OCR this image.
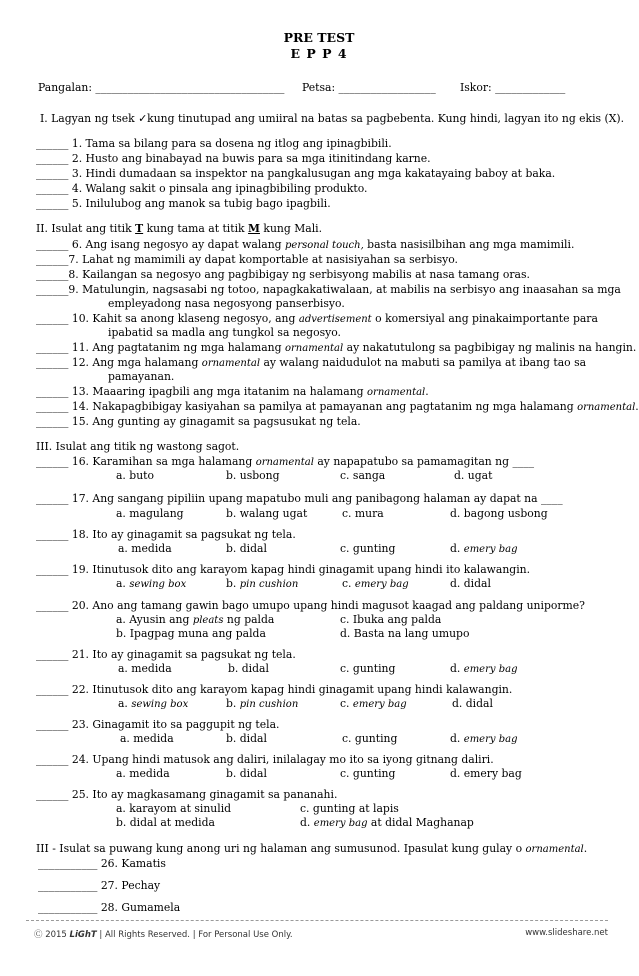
PRE TEST
E P P 4
Pangalan: ___________________________________ Petsa: __________________ Iskor: _____________
I. Lagyan ng tsek ✓kung tinutupad ang umiiral na batas sa pagbebenta. Kung hindi, lagyan ito ng ekis (X).
______ 1. Tama sa bilang para sa dosena ng itlog ang ipinagbibili.
______ 2. Husto ang binabayad na buwis para sa mga itinitindang karne.
______ 3. Hindi dumadaan sa inspektor na pangkalusugan ang mga kakatayaing baboy at baka.
______ 4. Walang sakit o pinsala ang ipinagbibiling produkto.
______ 5. Inilulubog ang manok sa tubig bago ipagbili.
II. Isulat ang titik T kung tama at titik M kung Mali.
______ 6. Ang isang negosyo ay dapat walang personal touch, basta nasisilbihan ang mga mamimili.
______7. Lahat ng mamimili ay dapat komportable at nasisiyahan sa serbisyo.
______8. Kailangan sa negosyo ang pagbibigay ng serbisyong mabilis at nasa tamang oras.
______9. Matulungin, nagsasabi ng totoo, napagkakatiwalaan, at mabilis na serbisyo ang inaasahan sa mga
empleyadong nasa negosyong panserbisyo.
______ 10. Kahit sa anong klaseng negosyo, ang advertisement o komersiyal ang pinakaimportante para
ipabatid sa madla ang tungkol sa negosyo.
______ 11. Ang pagtatanim ng mga halamang ornamental ay nakatutulong sa pagbibigay ng malinis na hangin.
______ 12. Ang mga halamang ornamental ay walang naidudulot na mabuti sa pamilya at ibang tao sa
pamayanan.
______ 13. Maaaring ipagbili ang mga itatanim na halamang ornamental.
______ 14. Nakapagbibigay kasiyahan sa pamilya at pamayanan ang pagtatanim ng mga halamang ornamental.
______ 15. Ang gunting ay ginagamit sa pagsusukat ng tela.
III. Isulat ang titik ng wastong sagot.
______ 16. Karamihan sa mga halamang ornamental ay napapatubo sa pamamagitan ng ____
a. buto	b. usbong	c. sanga	d. ugat
______ 17. Ang sangang pipiliin upang mapatubo muli ang panibagong halaman ay dapat na ____
a. magulang	b. walang ugat	c. mura	d. bagong usbong
______ 18. Ito ay ginagamit sa pagsukat ng tela.
a. medida	b. didal	c. gunting	d. emery bag
______ 19. Itinutusok dito ang karayom kapag hindi ginagamit upang hindi ito kalawangin.
a. sewing box	b. pin cushion	c. emery bag	d. didal
______ 20. Ano ang tamang gawin bago umupo upang hindi magusot kaagad ang paldang uniporme?
a. Ayusin ang pleats ng palda	c. Ibuka ang palda
b. Ipagpag muna ang palda	d. Basta na lang umupo
______ 21. Ito ay ginagamit sa pagsukat ng tela.
a. medida	b. didal	c. gunting	d. emery bag
______ 22. Itinutusok dito ang karayom kapag hindi ginagamit upang hindi kalawangin.
a. sewing box	b. pin cushion	c. emery bag	d. didal
______ 23. Ginagamit ito sa paggupit ng tela.
a. medida	b. didal	c. gunting	d. emery bag
______ 24. Upang hindi matusok ang daliri, inilalagay mo ito sa iyong gitnang daliri.
a. medida	b. didal	c. gunting	d. emery bag
______ 25. Ito ay magkasamang ginagamit sa pananahi.
a. karayom at sinulid	c. gunting at lapis
b. didal at medida	d. emery bag at didal Maghanap
III - Isulat sa puwang kung anong uri ng halaman ang sumusunod. Ipasulat kung gulay o ornamental.
___________ 26. Kamatis
___________ 27. Pechay
___________ 28. Gumamela
Ⓒ 2015 LiGhT | All Rights Reserved. | For Personal Use Only.	www.slideshare.net
